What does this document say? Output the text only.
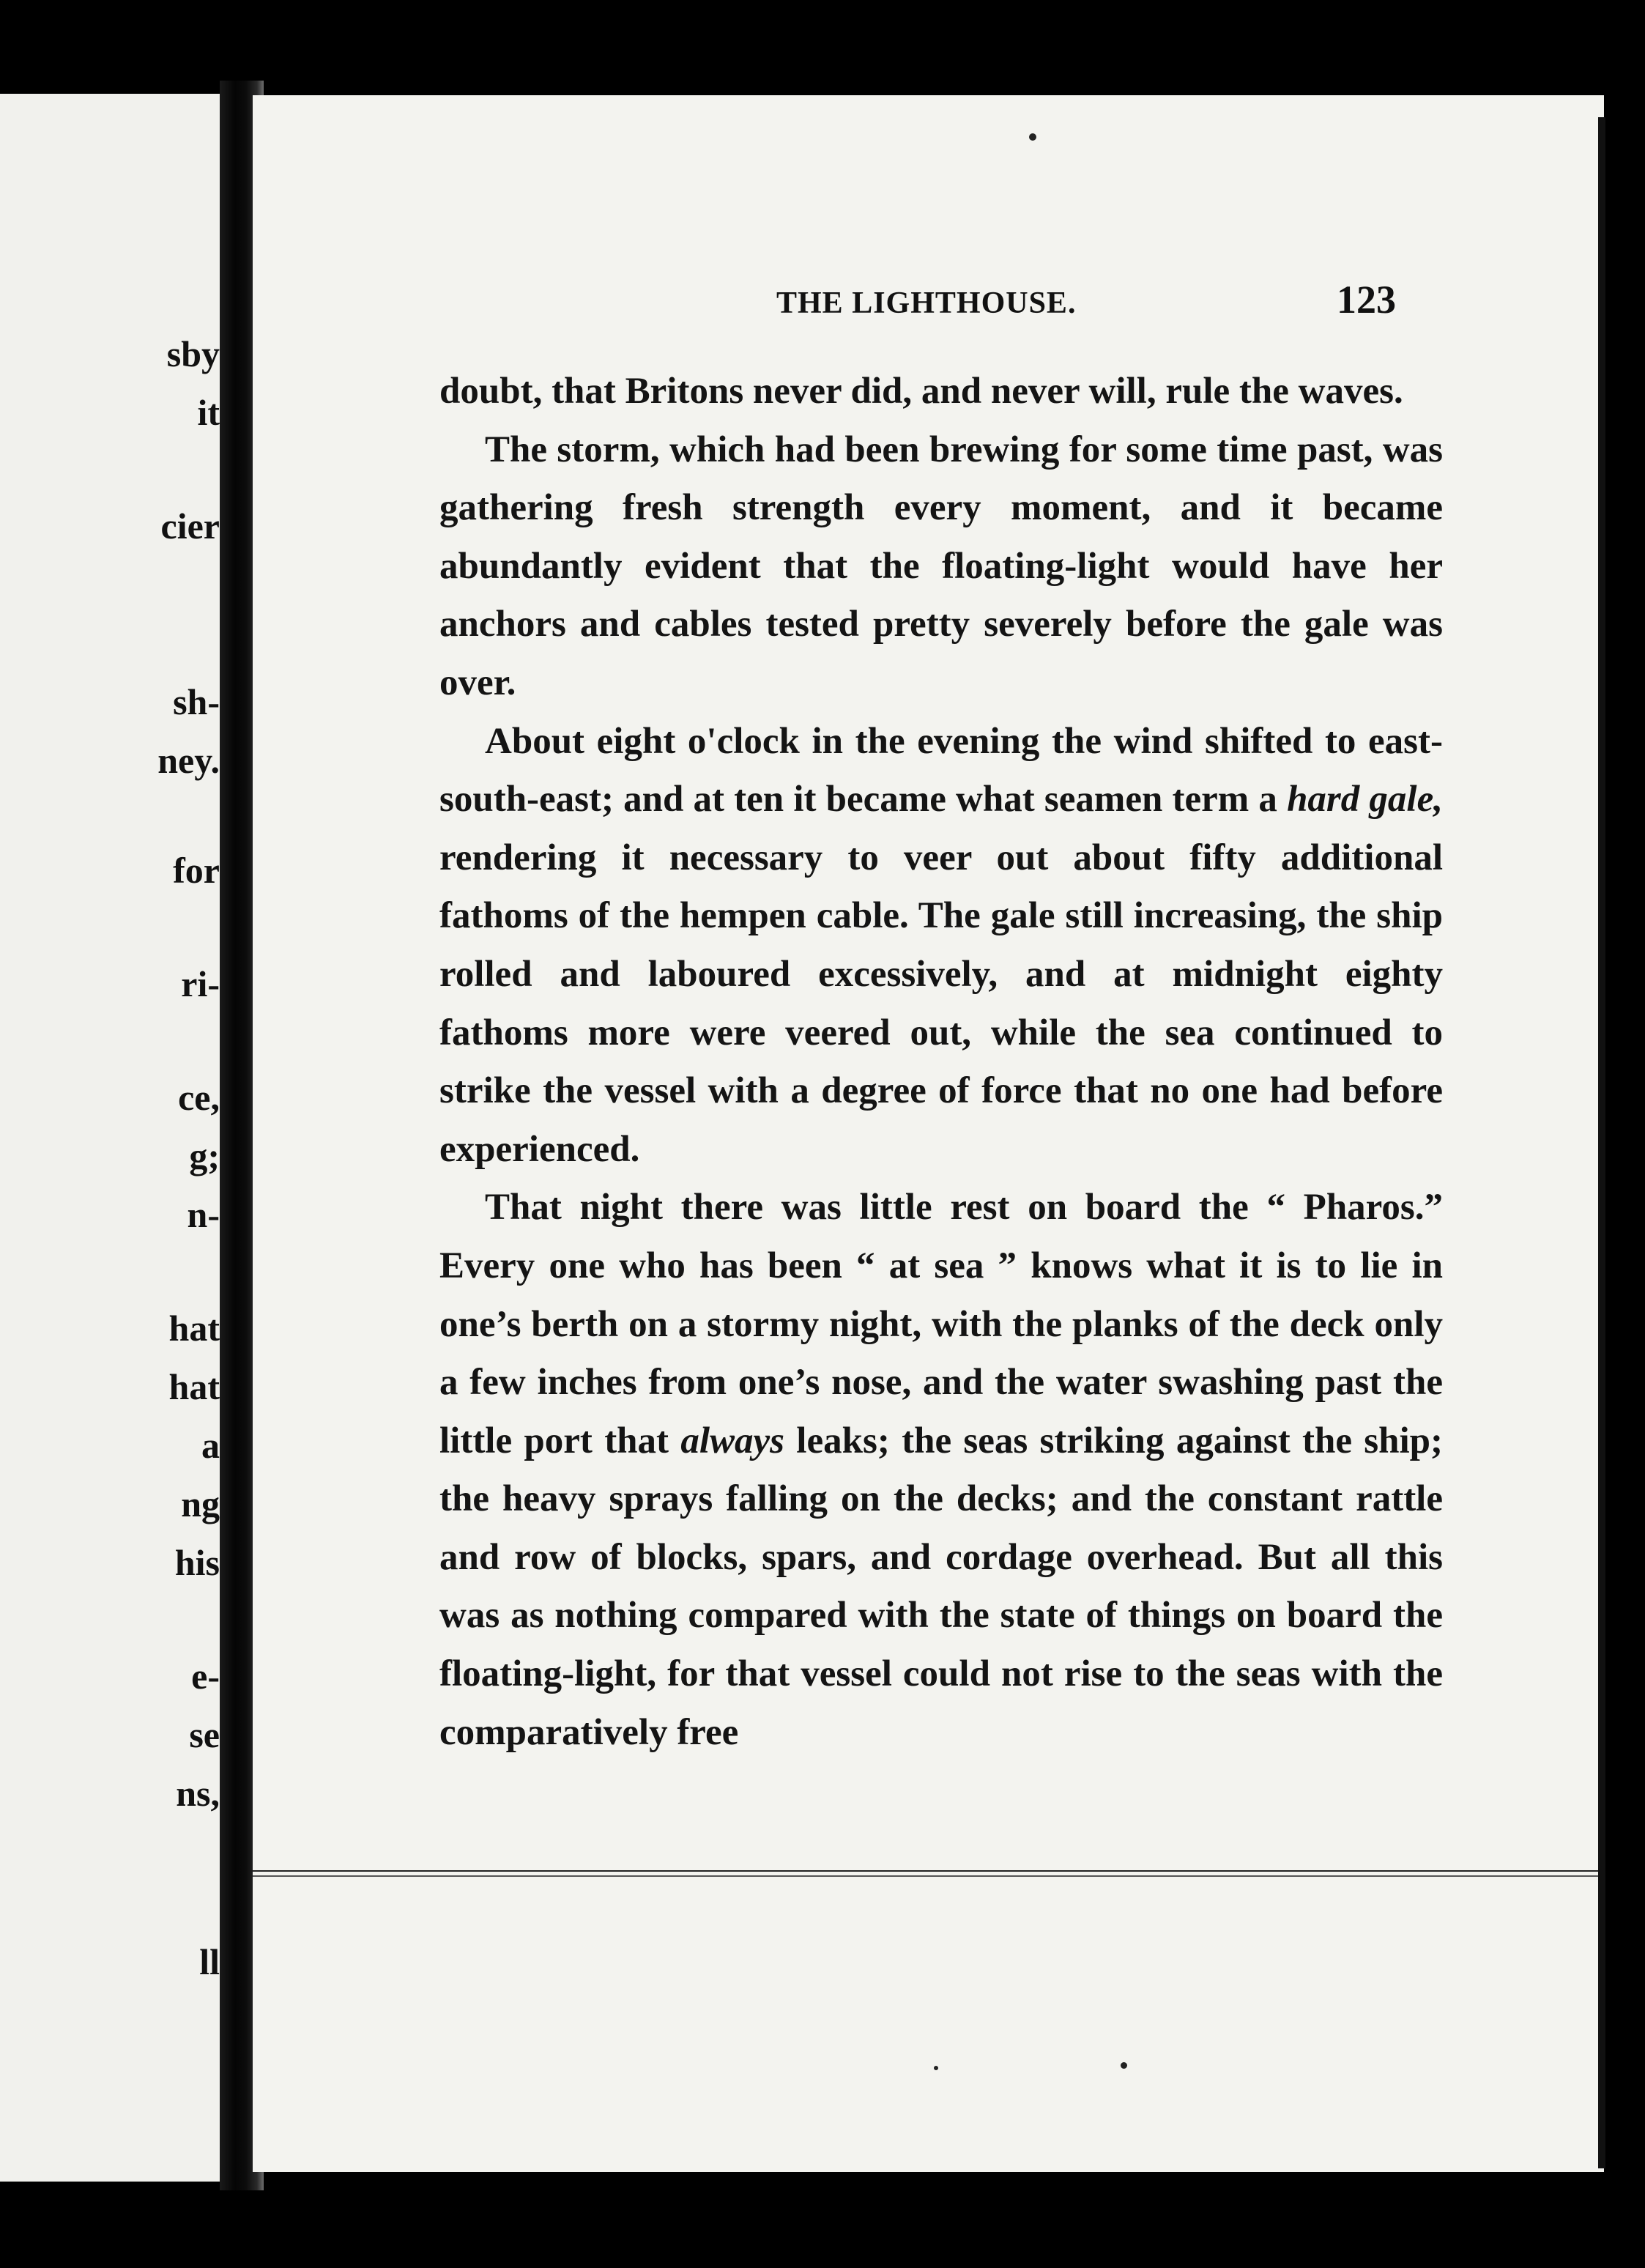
sby
it
cier
sh-
ney.
for
ri-
ce,
g;
n-
hat
hat
a
ng
his
e-
se
ns,
ll
THE LIGHTHOUSE.	123

doubt, that Britons never did, and never will, rule the waves.

The storm, which had been brewing for some time past, was gathering fresh strength every moment, and it became abundantly evident that the floating-light would have her anchors and cables tested pretty severely before the gale was over.

About eight o'clock in the evening the wind shifted to east-south-east; and at ten it became what seamen term a hard gale, rendering it necessary to veer out about fifty additional fathoms of the hempen cable. The gale still increasing, the ship rolled and laboured excessively, and at midnight eighty fathoms more were veered out, while the sea continued to strike the vessel with a degree of force that no one had before experienced.

That night there was little rest on board the “ Pharos.” Every one who has been “ at sea ” knows what it is to lie in one’s berth on a stormy night, with the planks of the deck only a few inches from one’s nose, and the water swashing past the little port that always leaks; the seas striking against the ship; the heavy sprays falling on the decks; and the constant rattle and row of blocks, spars, and cordage overhead. But all this was as nothing compared with the state of things on board the floating-light, for that vessel could not rise to the seas with the comparatively free
